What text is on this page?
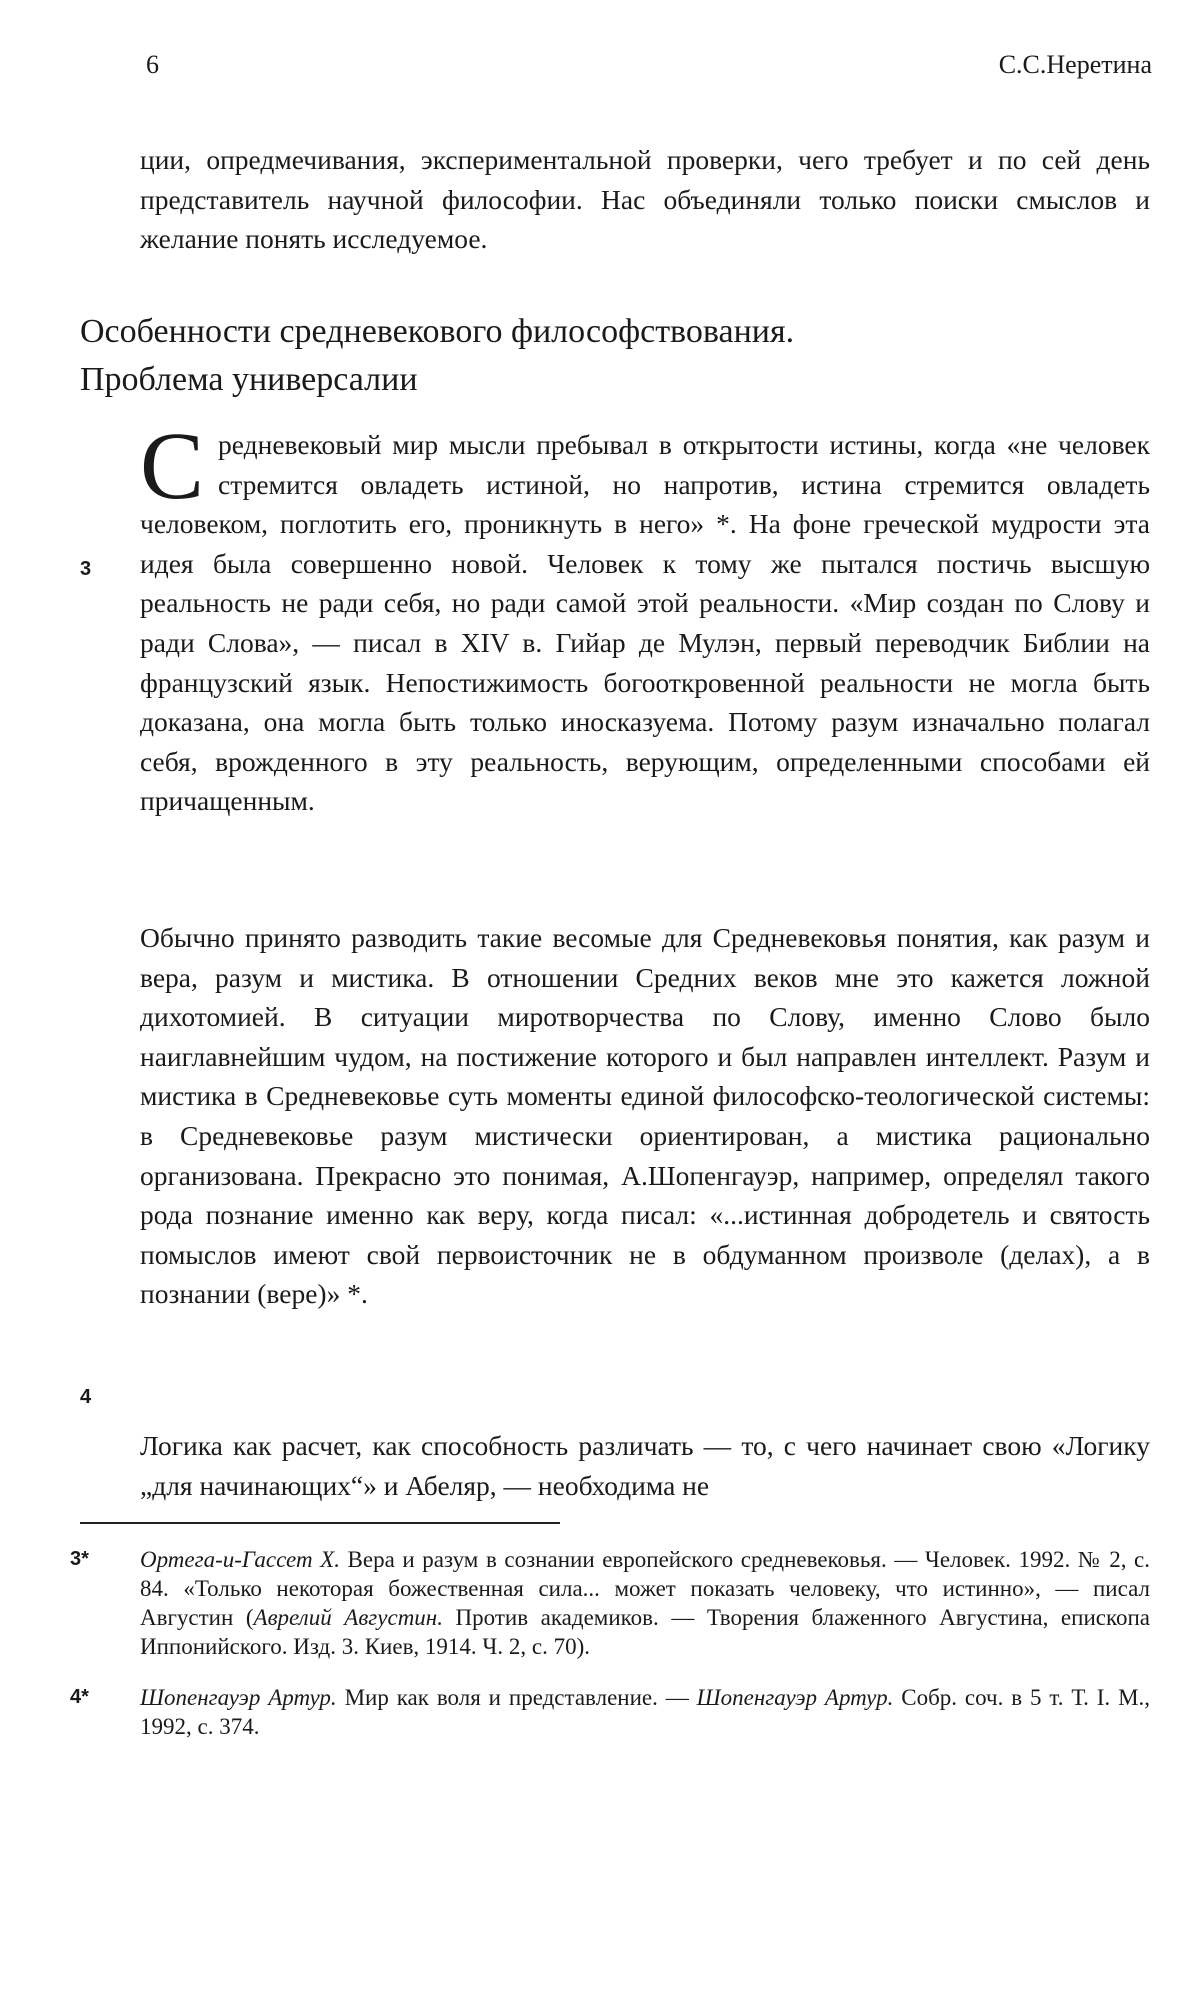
6	С.С.Неретина

ции, опредмечивания, экспериментальной проверки, чего требует и по сей день представитель научной философии. Нас объединяли только поиски смыслов и желание понять исследуемое.

Особенности средневекового философствования.
Проблема универсалии
3

Средневековый мир мысли пребывал в открытости истины, когда «не человек стремится овладеть истиной, но напротив, истина стремится овладеть человеком, поглотить его, проникнуть в него» *. На фоне греческой мудрости эта идея была совершенно новой. Человек к тому же пытался постичь высшую реальность не ради себя, но ради самой этой реальности. «Мир создан по Слову и ради Слова», — писал в XIV в. Гийар де Мулэн, первый переводчик Библии на французский язык. Непостижимость богооткровенной реальности не могла быть доказана, она могла быть только иносказуема. Потому разум изначально полагал себя, врожденного в эту реальность, верующим, определенными способами ей причащенным.

Обычно принято разводить такие весомые для Средневековья понятия, как разум и вера, разум и мистика. В отношении Средних веков мне это кажется ложной дихотомией. В ситуации миротворчества по Слову, именно Слово было наиглавнейшим чудом, на постижение которого и был направлен интеллект. Разум и мистика в Средневековье суть моменты единой философско-теологической системы: в Средневековье разум мистически ориентирован, а мистика рационально организована. Прекрасно это понимая, А.Шопенгауэр, например, определял такого рода познание именно как веру, когда писал: «...истинная добродетель и святость помыслов имеют свой первоисточник не в обдуманном произволе (делах), а в познании (вере)» *.

4

Логика как расчет, как способность различать — то, с чего начинает свою «Логику „для начинающих“» и Абеляр, — необходима не

3* Ортега-и-Гассет Х. Вера и разум в сознании европейского средневековья. — Человек. 1992. № 2, с. 84. «Только некоторая божественная сила... может показать человеку, что истинно», — писал Августин (Аврелий Августин. Против академиков. — Творения блаженного Августина, епископа Иппонийского. Изд. 3. Киев, 1914. Ч. 2, с. 70).
4* Шопенгауэр Артур. Мир как воля и представление. — Шопенгауэр Артур. Собр. соч. в 5 т. Т. I. М., 1992, с. 374.
